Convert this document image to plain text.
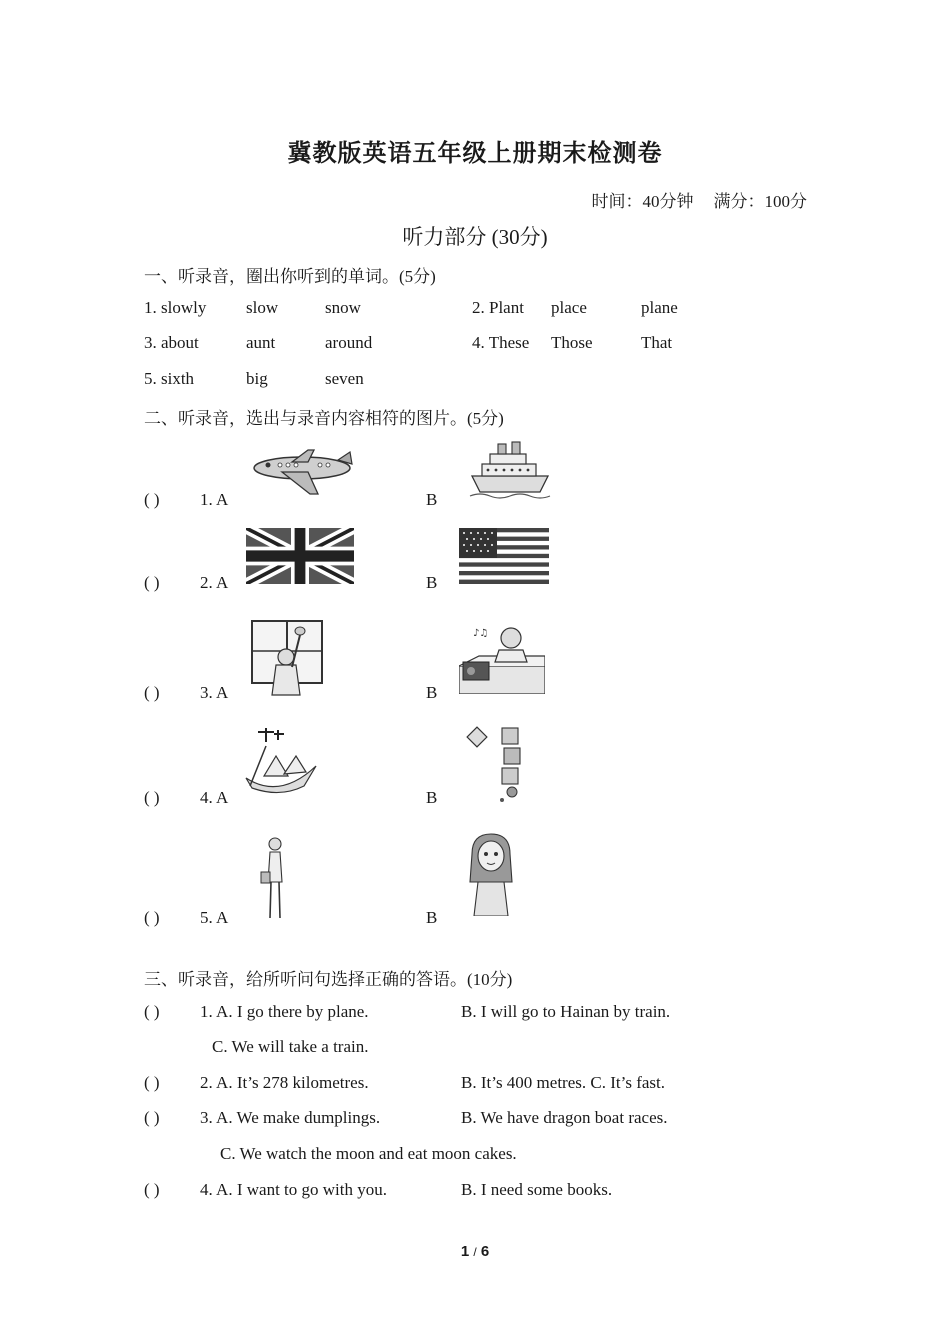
冀教版英语五年级上册期末检测卷
时间：40分钟 满分：100分
听力部分 (30分)
一、听录音，圈出你听到的单词。(5分)
1. slowly slow	snow	2. Plant place	plane
3. about	aunt	around	4. These Those	That
5. sixth	big	seven
二、听录音，选出与录音内容相符的图片。(5分)
( ) 1. A	B
( ) 2. A	B
( ) 3. A	B
♪♫
( ) 4. A	B
( ) 5. A	B
三、听录音，给所听问句选择正确的答语。(10分)
( ) 1. A. I go there by plane.	B. I will go to Hainan by train.
C. We will take a train.
( ) 2. A. It’s 278 kilometres.	B. It’s 400 metres. C. It’s fast.
( ) 3. A. We make dumplings.	B. We have dragon boat races.
C. We watch the moon and eat moon cakes.
( ) 4. A. I want to go with you.	B. I need some books.
1 / 6
